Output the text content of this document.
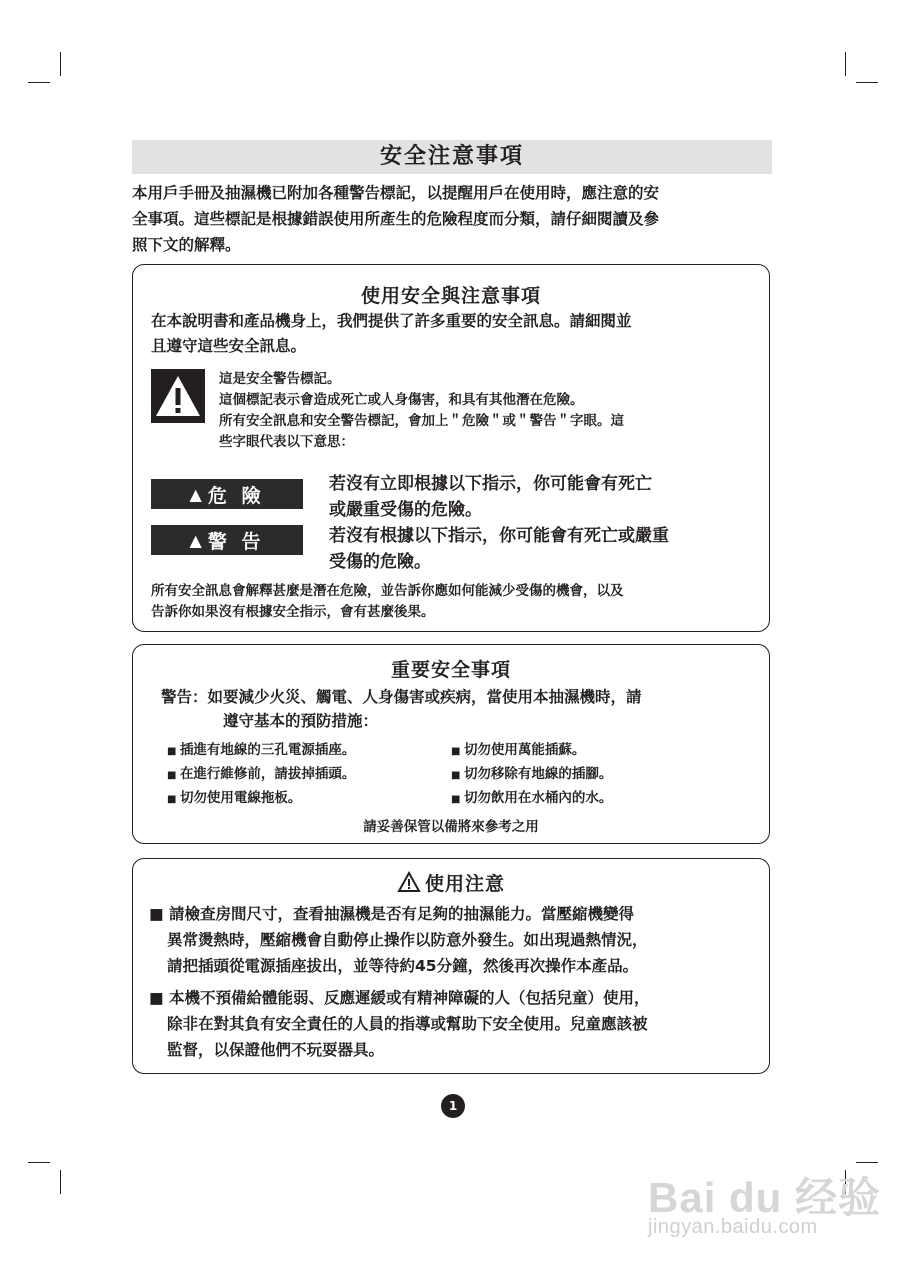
安全注意事項
本用戶手冊及抽濕機已附加各種警告標記，以提醒用戶在使用時，應注意的安
全事項。這些標記是根據錯誤使用所產生的危險程度而分類，請仔細閱讀及參
照下文的解釋。
使用安全與注意事項
在本說明書和產品機身上，我們提供了許多重要的安全訊息。請細閱並
且遵守這些安全訊息。
這是安全警告標記。
這個標記表示會造成死亡或人身傷害，和具有其他潛在危險。
所有安全訊息和安全警告標記，會加上＂危險＂或＂警告＂字眼。這
些字眼代表以下意思：
▲ 危 險
若沒有立即根據以下指示，你可能會有死亡
或嚴重受傷的危險。
▲ 警 告	若沒有根據以下指示，你可能會有死亡或嚴重
受傷的危險。
所有安全訊息會解釋甚麼是潛在危險，並告訴你應如何能減少受傷的機會，以及
告訴你如果沒有根據安全指示，會有甚麼後果。
重要安全事項
警告：如要減少火災、觸電、人身傷害或疾病，當使用本抽濕機時，請
遵守基本的預防措施：
■ 插進有地線的三孔電源插座。
■ 在進行維修前，請拔掉插頭。
■ 切勿使用電線拖板。
■ 切勿使用萬能插蘇。
■ 切勿移除有地線的插腳。
■ 切勿飲用在水桶內的水。
請妥善保管以備將來參考之用
使用注意
■ 請檢查房間尺寸，查看抽濕機是否有足夠的抽濕能力。當壓縮機變得
異常燙熱時，壓縮機會自動停止操作以防意外發生。如出現過熱情況，
請把插頭從電源插座拔出，並等待約45分鐘，然後再次操作本產品。
■ 本機不預備給體能弱、反應遲緩或有精神障礙的人（包括兒童）使用，
除非在對其負有安全責任的人員的指導或幫助下安全使用。兒童應該被
監督，以保證他們不玩耍器具。
1
Bai du 经验
jingyan.baidu.com
